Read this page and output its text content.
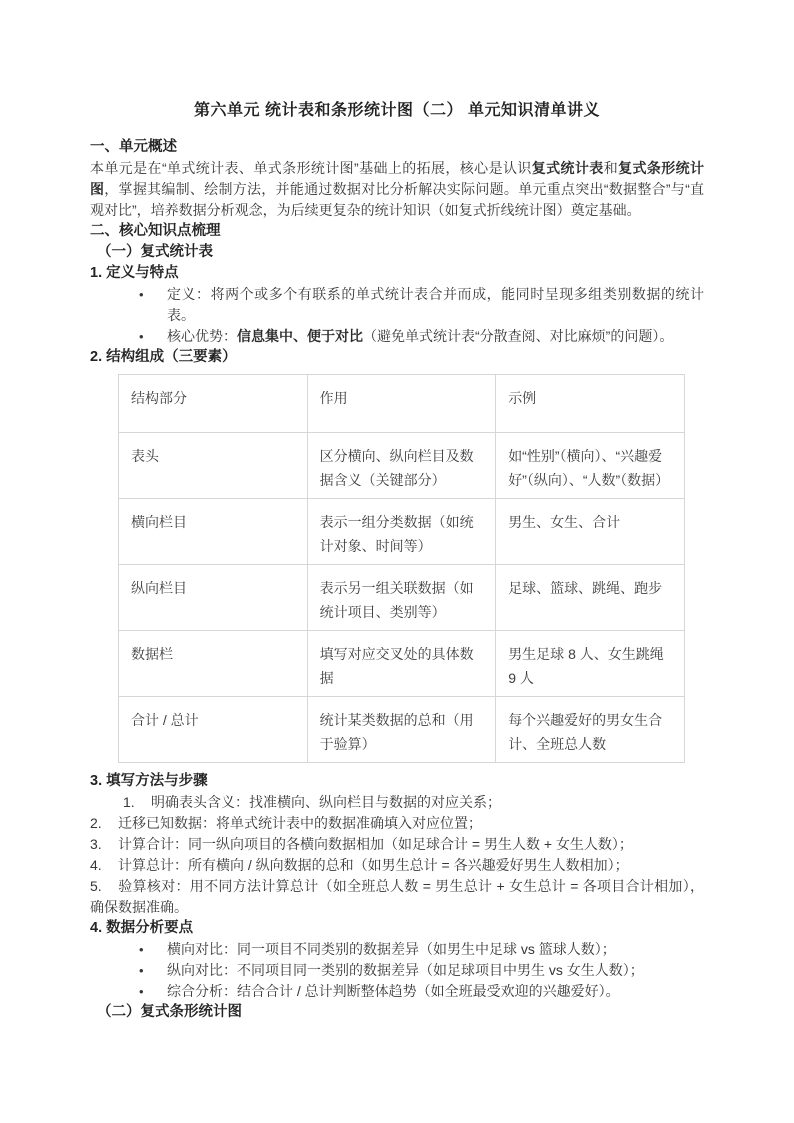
第六单元 统计表和条形统计图（二） 单元知识清单讲义
一、单元概述

本单元是在“单式统计表、单式条形统计图”基础上的拓展，核心是认识复式统计表和复式条形统计图，掌握其编制、绘制方法，并能通过数据对比分析解决实际问题。单元重点突出“数据整合”与“直观对比”，培养数据分析观念，为后续更复杂的统计知识（如复式折线统计图）奠定基础。

二、核心知识点梳理
（一）复式统计表
1. 定义与特点
• 定义：将两个或多个有联系的单式统计表合并而成，能同时呈现多组类别数据的统计表。
• 核心优势：信息集中、便于对比（避免单式统计表“分散查阅、对比麻烦”的问题）。
2. 结构组成（三要素）
结构部分	作用	示例
表头	区分横向、纵向栏目及数据含义（关键部分）	如“性别”（横向）、“兴趣爱好”（纵向）、“人数”（数据）
横向栏目	表示一组分类数据（如统计对象、时间等）	男生、女生、合计
纵向栏目	表示另一组关联数据（如统计项目、类别等）	足球、篮球、跳绳、跑步
数据栏	填写对应交叉处的具体数据	男生足球 8 人、女生跳绳 9 人
合计 / 总计	统计某类数据的总和（用于验算）	每个兴趣爱好的男女生合计、全班总人数
3. 填写方法与步骤
1. 明确表头含义：找准横向、纵向栏目与数据的对应关系；
2. 迁移已知数据：将单式统计表中的数据准确填入对应位置；
3. 计算合计：同一纵向项目的各横向数据相加（如足球合计 = 男生人数 + 女生人数）；
4. 计算总计：所有横向 / 纵向数据的总和（如男生总计 = 各兴趣爱好男生人数相加）；
5. 验算核对：用不同方法计算总计（如全班总人数 = 男生总计 + 女生总计 = 各项目合计相加），确保数据准确。
4. 数据分析要点
• 横向对比：同一项目不同类别的数据差异（如男生中足球 vs 篮球人数）；
• 纵向对比：不同项目同一类别的数据差异（如足球项目中男生 vs 女生人数）；
• 综合分析：结合合计 / 总计判断整体趋势（如全班最受欢迎的兴趣爱好）。
（二）复式条形统计图
